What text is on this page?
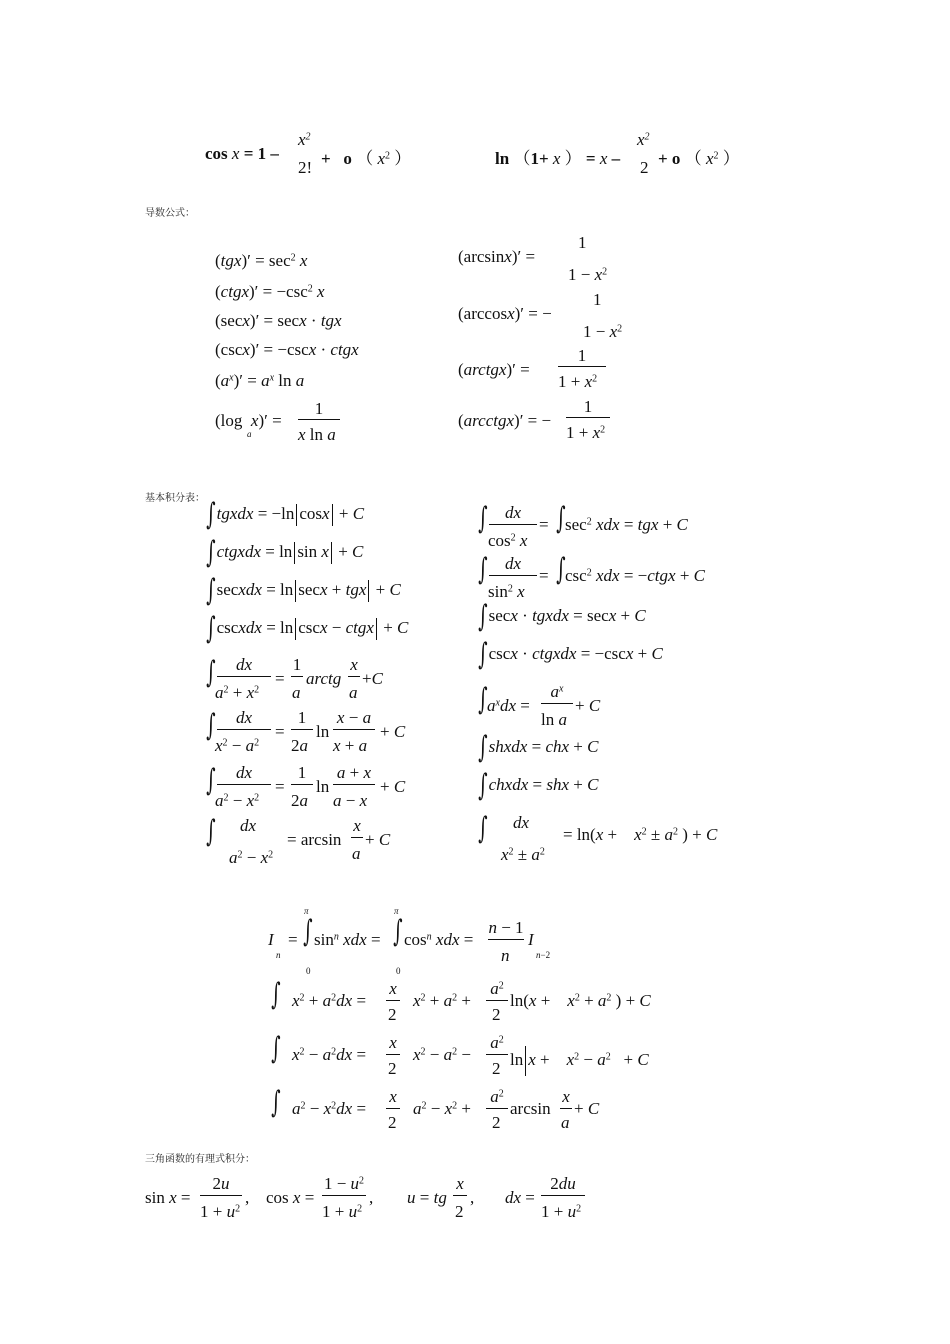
cos x = 1 –
$x^2$
2! +   o （ $x^2$ ）	ln （1+ x ） = x –
$x^2$
2 + o （ $x^2$ ）
导数公式：
$(tgx)' = \sec^2 x$
(ctgx)′ = $-\csc^2$ x
(secx)′ = secx · tgx
(cscx)′ = −cscx · ctgx
$(a^x)' = a^x$ ln a
(log  x)′ =
a
1
x ln a
(arcsinx)′ =
1
$1 - x^2$
(arccosx)′ = −
1
$1 - x^2$
(arctgx)′ =
1
$1 + x^2$
(arcctgx)′ = −
1
$1 + x^2$
基本积分表： ∫tgxdx = −ln cosx + C
∫ctgxdx = ln sin x + C
∫secxdx = ln secx + tgx + C
∫cscxdx = ln cscx − ctgx + C
∫	dx
$a^2 + x^2$
=
1
a
arctg
x
a
+C
∫	dx
$x^2 - a^2$
=
1
2a
ln
x − a
x + a
+ C
∫	dx
$a^2 - x^2$
=
1
2a
ln
a + x
a − x
+ C
∫ dx
$a^2 - x^2$
= arcsin
x
a
+ C
∫	dx
$\cos^2 x$
= ∫ $\sec^2$ xdx = tgx + C
∫	dx
$\sin^2 x$
= ∫ $\csc^2$ xdx = −ctgx + C
∫secx · tgxdx = secx + C
∫cscx · ctgxdx = −cscx + C
∫ $a^xdx$ =
$a^x$
ln a
+ C
∫shxdx = chx + C
∫chxdx = shx + C
∫ dx
$x^2 \pm a^2$
= ln(x +    $x^2 \pm a^2$ ) + C
π	π
I
n
= ∫ $\sin^n$ xdx = ∫ $\cos^n$ xdx =
n − 1
n
I
n−2
0	0
∫ $x^2 + a^2dx$ =
x
2
$x^2 + a^2$ +
$a^2$
2
ln(x +    $x^2 + a^2$ ) + C
∫ $x^2 - a^2dx$ =
x
2
$x^2 - a^2$ −
$a^2$
2 ln x +    $x^2 - a^2 + C$
∫ $a^2 - x^2dx$ =
x
2
$a^2 - x^2$ +
$a^2$
2
arcsin
x
a
+ C
三角函数的有理式积分：
sin x =
2u
$1 + u^2$
, cos x =
$1 - u^2$
$1 + u^2$
, u = tg
x
2
, dx =
2du
$1 + u^2$
